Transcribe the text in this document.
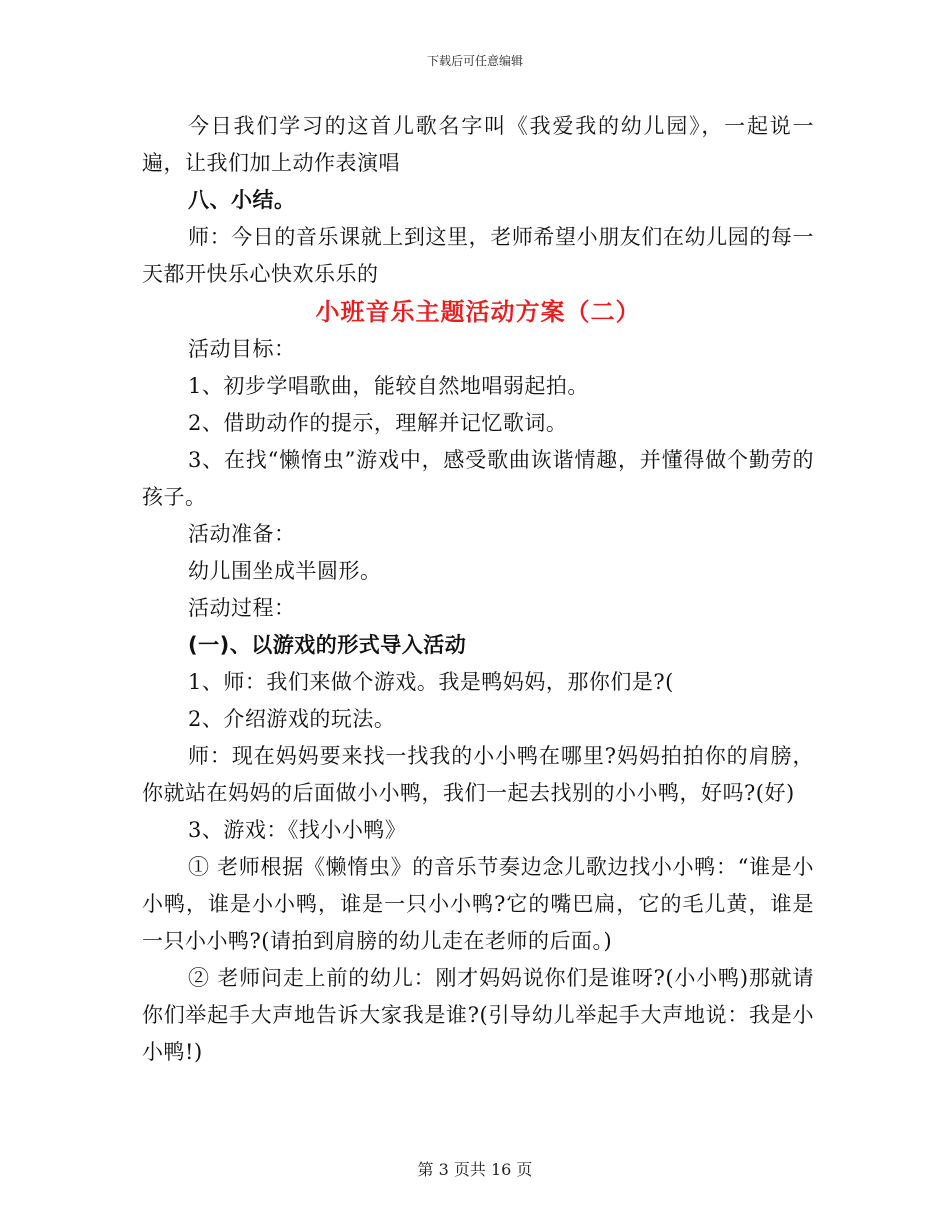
下载后可任意编辑

今日我们学习的这首儿歌名字叫《我爱我的幼儿园》，一起说一遍，让我们加上动作表演唱

八、小结。

师：今日的音乐课就上到这里，老师希望小朋友们在幼儿园的每一天都开快乐心快欢乐乐的

小班音乐主题活动方案（二）

活动目标：

1、初步学唱歌曲，能较自然地唱弱起拍。

2、借助动作的提示，理解并记忆歌词。

3、在找“懒惰虫”游戏中，感受歌曲诙谐情趣，并懂得做个勤劳的孩子。

活动准备：

幼儿围坐成半圆形。

活动过程：

(一)、以游戏的形式导入活动

1、师：我们来做个游戏。我是鸭妈妈，那你们是?(

2、介绍游戏的玩法。

师：现在妈妈要来找一找我的小小鸭在哪里?妈妈拍拍你的肩膀，你就站在妈妈的后面做小小鸭，我们一起去找别的小小鸭，好吗?(好)

3、游戏：《找小小鸭》

① 老师根据《懒惰虫》的音乐节奏边念儿歌边找小小鸭：“谁是小小鸭，谁是小小鸭，谁是一只小小鸭?它的嘴巴扁，它的毛儿黄，谁是一只小小鸭?(请拍到肩膀的幼儿走在老师的后面。)

② 老师问走上前的幼儿：刚才妈妈说你们是谁呀?(小小鸭)那就请你们举起手大声地告诉大家我是谁?(引导幼儿举起手大声地说：我是小小鸭!)

第 3 页共 16 页
